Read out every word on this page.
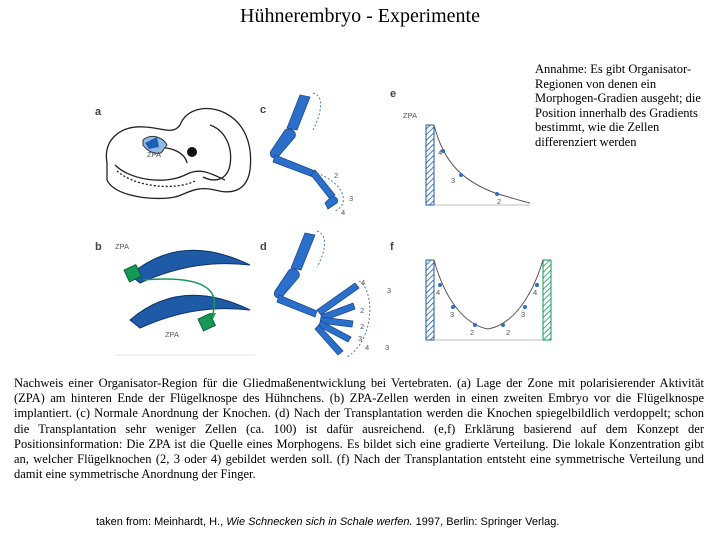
Hühnerembryo - Experimente
Annahme: Es gibt Organisator-Regionen von denen ein Morphogen-Gradien ausgeht; die Position innerhalb des Gradients bestimmt, wie die Zellen differenziert werden
a
ZPA
b ZPA
ZPA
c
2
3
4
d
4
3
2
2
3
4 3
e
ZPA
4
3
2
f
4
3
2	2
3
4
Nachweis einer Organisator-Region für die Gliedmaßenentwicklung bei Vertebraten. (a) Lage der Zone mit polarisierender Aktivität (ZPA) am hinteren Ende der Flügelknospe des Hühnchens. (b) ZPA-Zellen werden in einen zweiten Embryo vor die Flügelknospe implantiert. (c) Normale Anordnung der Knochen. (d) Nach der Transplantation werden die Knochen spiegelbildlich verdoppelt; schon die Transplantation sehr weniger Zellen (ca. 100) ist dafür ausreichend. (e,f) Erklärung basierend auf dem Konzept der Positionsinformation: Die ZPA ist die Quelle eines Morphogens. Es bildet sich eine gradierte Verteilung. Die lokale Konzentration gibt an, welcher Flügelknochen (2, 3 oder 4) gebildet werden soll. (f) Nach der Transplantation entsteht eine symmetrische Verteilung und damit eine symmetrische Anordnung der Finger.
taken from: Meinhardt, H., Wie Schnecken sich in Schale werfen. 1997, Berlin: Springer Verlag.
